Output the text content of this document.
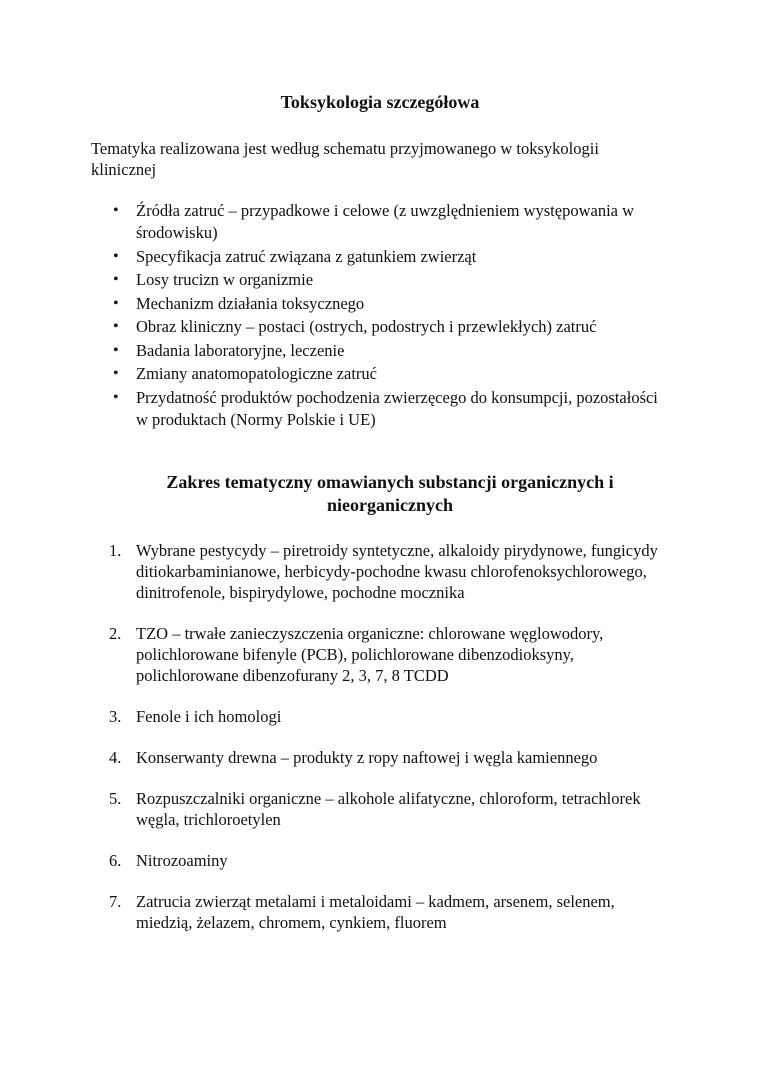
Toksykologia szczegółowa
Tematyka realizowana jest według schematu przyjmowanego w toksykologii klinicznej
• Źródła zatruć – przypadkowe i celowe (z uwzględnieniem występowania w środowisku)
• Specyfikacja zatruć związana z gatunkiem zwierząt
• Losy trucizn w organizmie
• Mechanizm działania toksycznego
• Obraz kliniczny – postaci (ostrych, podostrych i przewlekłych) zatruć
• Badania laboratoryjne, leczenie
• Zmiany anatomopatologiczne zatruć
• Przydatność produktów pochodzenia zwierzęcego do konsumpcji, pozostałości w produktach (Normy Polskie i UE)
Zakres tematyczny omawianych substancji organicznych i nieorganicznych
1. Wybrane pestycydy – piretroidy syntetyczne, alkaloidy pirydynowe, fungicydy ditiokarbaminianowe, herbicydy-pochodne kwasu chlorofenoksychlorowego, dinitrofenole, bispirydylowe, pochodne mocznika
2. TZO – trwałe zanieczyszczenia organiczne: chlorowane węglowodory, polichlorowane bifenyle (PCB), polichlorowane dibenzodioksyny, polichlorowane dibenzofurany 2, 3, 7, 8 TCDD
3. Fenole i ich homologi
4. Konserwanty drewna – produkty z ropy naftowej i węgla kamiennego
5. Rozpuszczalniki organiczne – alkohole alifatyczne, chloroform, tetrachlorek węgla, trichloroetylen
6. Nitrozoaminy
7. Zatrucia zwierząt metalami i metaloidami – kadmem, arsenem, selenem, miedzią, żelazem, chromem, cynkiem, fluorem
